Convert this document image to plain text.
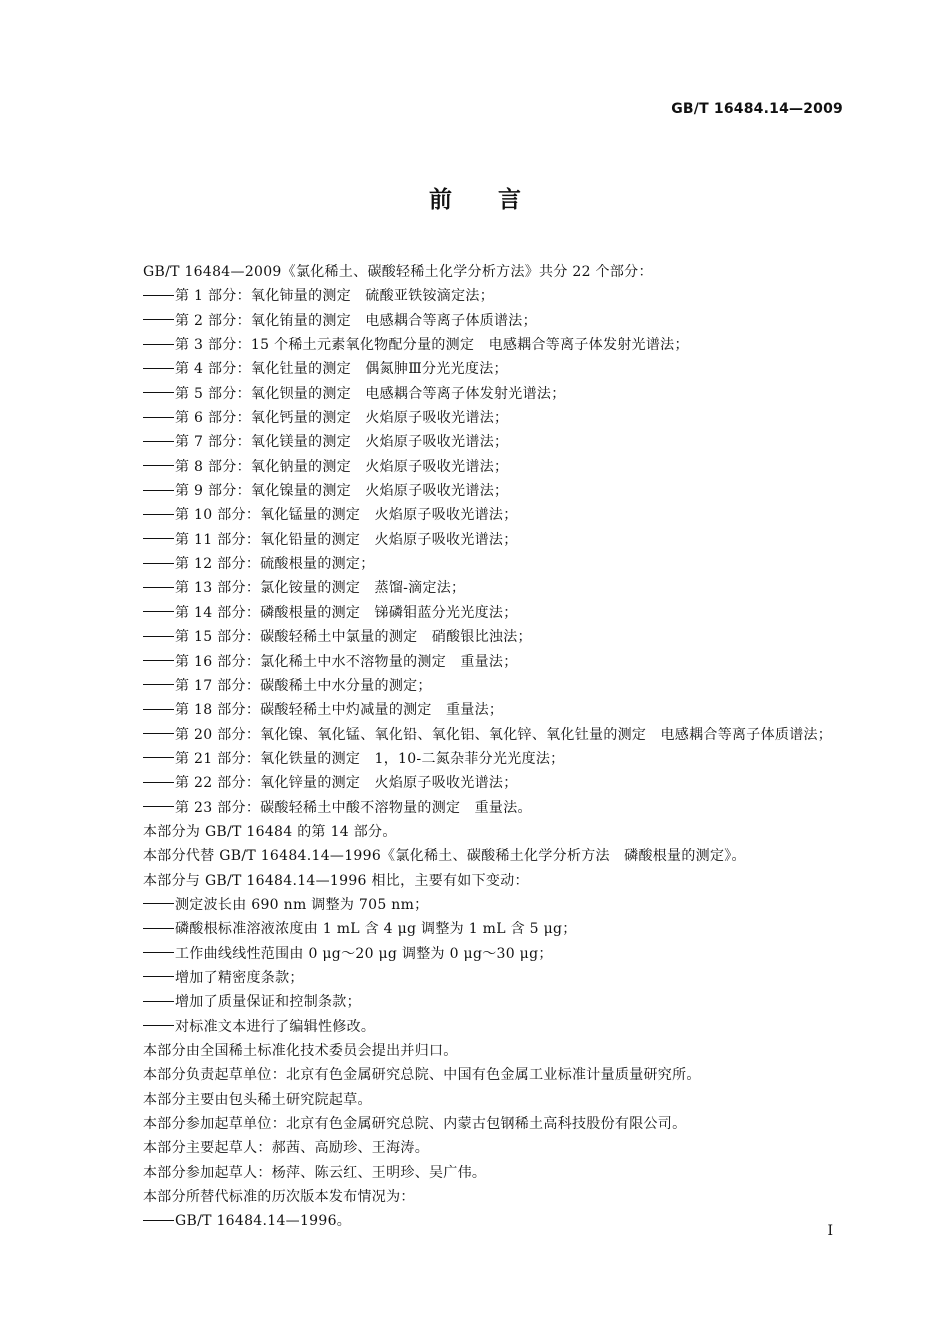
GB/T 16484.14—2009
前言
GB/T 16484—2009《氯化稀土、碳酸轻稀土化学分析方法》共分 22 个部分：
第 1 部分：氧化铈量的测定　硫酸亚铁铵滴定法；
第 2 部分：氧化铕量的测定　电感耦合等离子体质谱法；
第 3 部分：15 个稀土元素氧化物配分量的测定　电感耦合等离子体发射光谱法；
第 4 部分：氧化钍量的测定　偶氮胂Ⅲ分光光度法；
第 5 部分：氧化钡量的测定　电感耦合等离子体发射光谱法；
第 6 部分：氧化钙量的测定　火焰原子吸收光谱法；
第 7 部分：氧化镁量的测定　火焰原子吸收光谱法；
第 8 部分：氧化钠量的测定　火焰原子吸收光谱法；
第 9 部分：氧化镍量的测定　火焰原子吸收光谱法；
第 10 部分：氧化锰量的测定　火焰原子吸收光谱法；
第 11 部分：氧化铅量的测定　火焰原子吸收光谱法；
第 12 部分：硫酸根量的测定；
第 13 部分：氯化铵量的测定　蒸馏-滴定法；
第 14 部分：磷酸根量的测定　锑磷钼蓝分光光度法；
第 15 部分：碳酸轻稀土中氯量的测定　硝酸银比浊法；
第 16 部分：氯化稀土中水不溶物量的测定　重量法；
第 17 部分：碳酸稀土中水分量的测定；
第 18 部分：碳酸轻稀土中灼减量的测定　重量法；
第 20 部分：氧化镍、氧化锰、氧化铅、氧化铝、氧化锌、氧化钍量的测定　电感耦合等离子体质谱法；
第 21 部分：氧化铁量的测定　1，10-二氮杂菲分光光度法；
第 22 部分：氧化锌量的测定　火焰原子吸收光谱法；
第 23 部分：碳酸轻稀土中酸不溶物量的测定　重量法。
本部分为 GB/T 16484 的第 14 部分。
本部分代替 GB/T 16484.14—1996《氯化稀土、碳酸稀土化学分析方法　磷酸根量的测定》。
本部分与 GB/T 16484.14—1996 相比，主要有如下变动：
测定波长由 690 nm 调整为 705 nm；
磷酸根标准溶液浓度由 1 mL 含 4 μg 调整为 1 mL 含 5 μg；
工作曲线线性范围由 0 μg～20 μg 调整为 0 μg～30 μg；
增加了精密度条款；
增加了质量保证和控制条款；
对标准文本进行了编辑性修改。
本部分由全国稀土标准化技术委员会提出并归口。
本部分负责起草单位：北京有色金属研究总院、中国有色金属工业标准计量质量研究所。
本部分主要由包头稀土研究院起草。
本部分参加起草单位：北京有色金属研究总院、内蒙古包钢稀土高科技股份有限公司。
本部分主要起草人：郝茜、高励珍、王海涛。
本部分参加起草人：杨萍、陈云红、王明珍、吴广伟。
本部分所替代标准的历次版本发布情况为：
GB/T 16484.14—1996。
I
